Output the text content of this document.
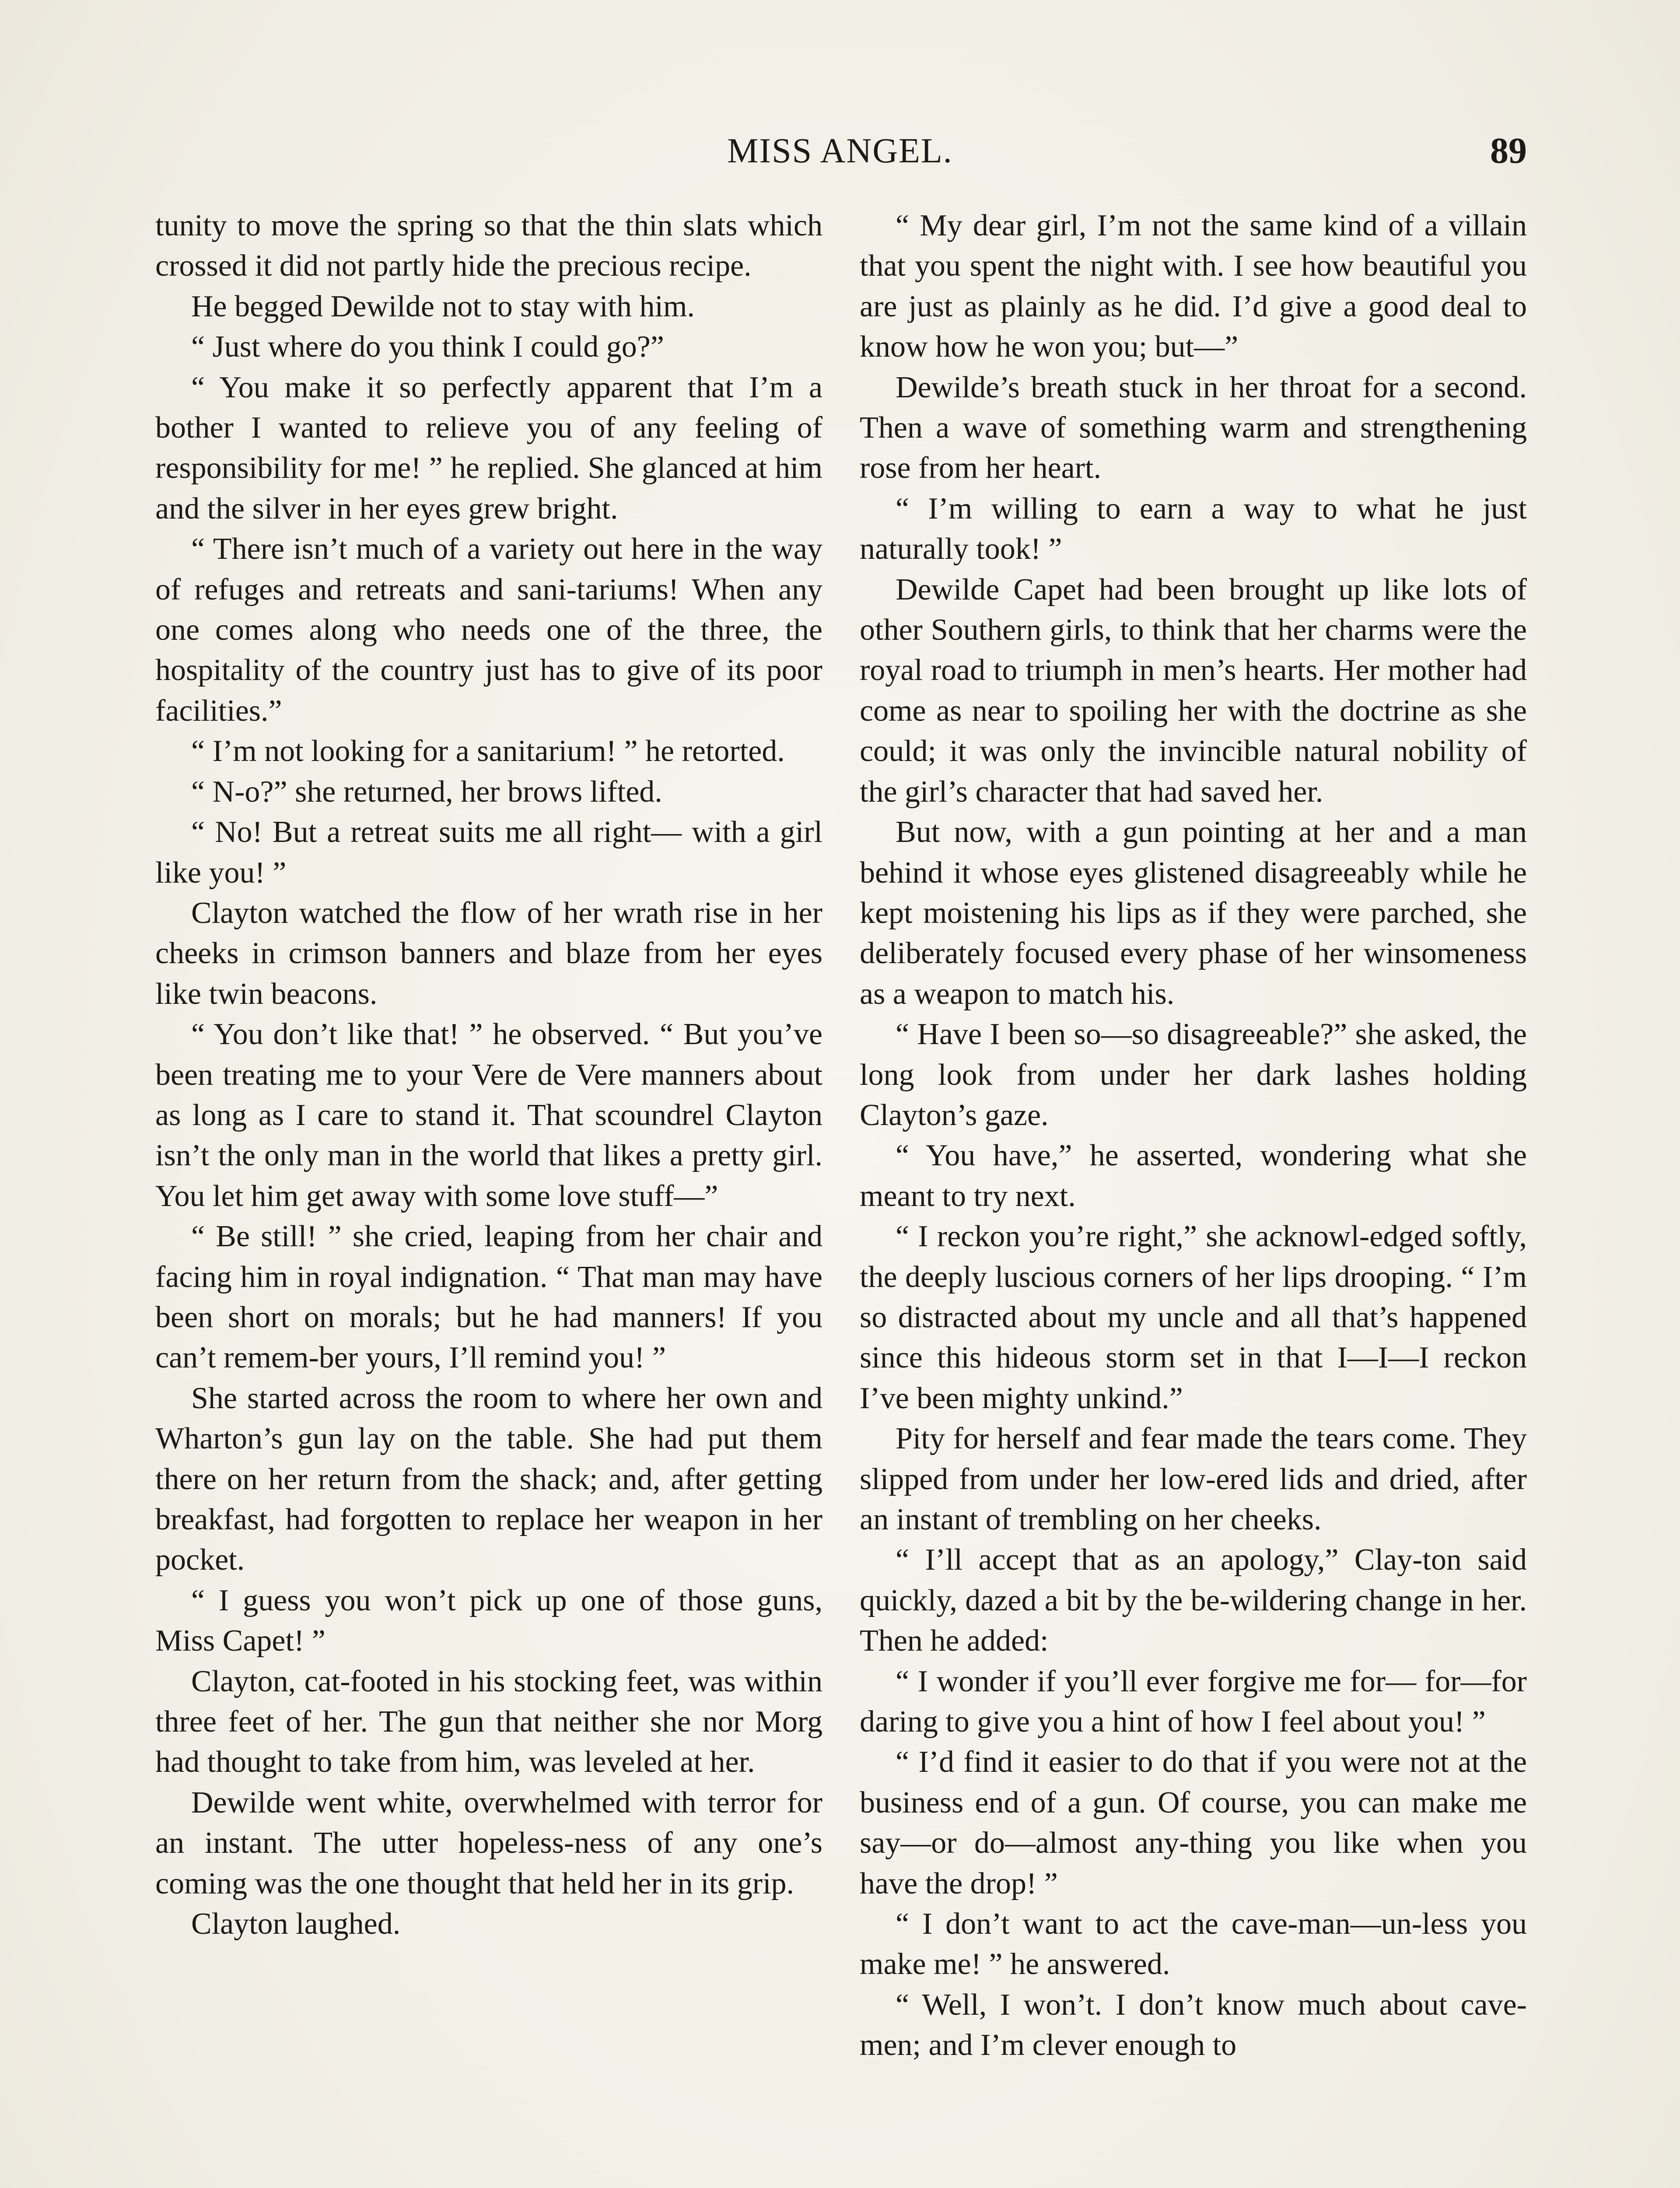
MISS ANGEL.	89

tunity to move the spring so that the thin slats which crossed it did not partly hide the precious recipe.

He begged Dewilde not to stay with him.

“ Just where do you think I could go?”

“ You make it so perfectly apparent that I’m a bother I wanted to relieve you of any feeling of responsibility for me! ” he replied. She glanced at him and the silver in her eyes grew bright.

“ There isn’t much of a variety out here in the way of refuges and retreats and sani-tariums! When any one comes along who needs one of the three, the hospitality of the country just has to give of its poor facilities.”

“ I’m not looking for a sanitarium! ” he retorted.

“ N-o?” she returned, her brows lifted.

“ No! But a retreat suits me all right— with a girl like you! ”

Clayton watched the flow of her wrath rise in her cheeks in crimson banners and blaze from her eyes like twin beacons.

“ You don’t like that! ” he observed. “ But you’ve been treating me to your Vere de Vere manners about as long as I care to stand it. That scoundrel Clayton isn’t the only man in the world that likes a pretty girl. You let him get away with some love stuff—”

“ Be still! ” she cried, leaping from her chair and facing him in royal indignation. “ That man may have been short on morals; but he had manners! If you can’t remem-ber yours, I’ll remind you! ”

She started across the room to where her own and Wharton’s gun lay on the table. She had put them there on her return from the shack; and, after getting breakfast, had forgotten to replace her weapon in her pocket.

“ I guess you won’t pick up one of those guns, Miss Capet! ”

Clayton, cat-footed in his stocking feet, was within three feet of her. The gun that neither she nor Morg had thought to take from him, was leveled at her.

Dewilde went white, overwhelmed with terror for an instant. The utter hopeless-ness of any one’s coming was the one thought that held her in its grip.

Clayton laughed.

“ My dear girl, I’m not the same kind of a villain that you spent the night with. I see how beautiful you are just as plainly as he did. I’d give a good deal to know how he won you; but—”

Dewilde’s breath stuck in her throat for a second. Then a wave of something warm and strengthening rose from her heart.

“ I’m willing to earn a way to what he just naturally took! ”

Dewilde Capet had been brought up like lots of other Southern girls, to think that her charms were the royal road to triumph in men’s hearts. Her mother had come as near to spoiling her with the doctrine as she could; it was only the invincible natural nobility of the girl’s character that had saved her.

But now, with a gun pointing at her and a man behind it whose eyes glistened disagreeably while he kept moistening his lips as if they were parched, she deliberately focused every phase of her winsomeness as a weapon to match his.

“ Have I been so—so disagreeable?” she asked, the long look from under her dark lashes holding Clayton’s gaze.

“ You have,” he asserted, wondering what she meant to try next.

“ I reckon you’re right,” she acknowl-edged softly, the deeply luscious corners of her lips drooping. “ I’m so distracted about my uncle and all that’s happened since this hideous storm set in that I—I—I reckon I’ve been mighty unkind.”

Pity for herself and fear made the tears come. They slipped from under her low-ered lids and dried, after an instant of trembling on her cheeks.

“ I’ll accept that as an apology,” Clay-ton said quickly, dazed a bit by the be-wildering change in her. Then he added:

“ I wonder if you’ll ever forgive me for— for—for daring to give you a hint of how I feel about you! ”

“ I’d find it easier to do that if you were not at the business end of a gun. Of course, you can make me say—or do—almost any-thing you like when you have the drop! ”

“ I don’t want to act the cave-man—un-less you make me! ” he answered.

“ Well, I won’t. I don’t know much about cave-men; and I’m clever enough to
